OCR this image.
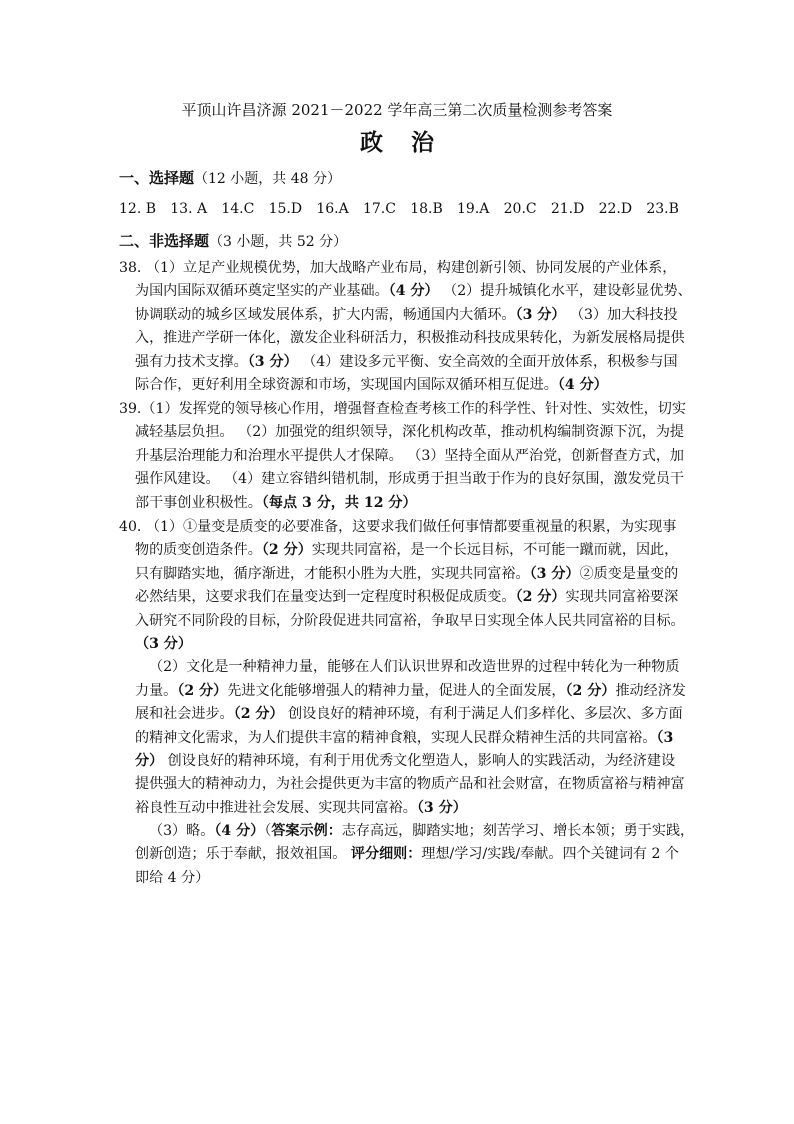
平顶山许昌济源 2021－2022 学年高三第二次质量检测参考答案
政 治
一、选择题（12 小题，共 48 分）
12. B 13. A 14.C 15.D 16.A 17.C 18.B 19.A 20.C 21.D 22.D 23.B
二、非选择题（3 小题，共 52 分）
38. （1）立足产业规模优势，加大战略产业布局，构建创新引领、协同发展的产业体系，
为国内国际双循环奠定坚实的产业基础。（4 分） （2）提升城镇化水平，建设彰显优势、
协调联动的城乡区域发展体系，扩大内需，畅通国内大循环。（3 分） （3）加大科技投
入，推进产学研一体化，激发企业科研活力，积极推动科技成果转化，为新发展格局提供
强有力技术支撑。（3 分） （4）建设多元平衡、安全高效的全面开放体系，积极参与国
际合作，更好利用全球资源和市场，实现国内国际双循环相互促进。（4 分）
39.（1）发挥党的领导核心作用，增强督查检查考核工作的科学性、针对性、实效性，切实
减轻基层负担。 （2）加强党的组织领导，深化机构改革，推动机构编制资源下沉，为提
升基层治理能力和治理水平提供人才保障。 （3）坚持全面从严治党，创新督查方式，加
强作风建设。 （4）建立容错纠错机制，形成勇于担当敢于作为的良好氛围，激发党员干
部干事创业积极性。（每点 3 分，共 12 分）
40. （1）①量变是质变的必要准备，这要求我们做任何事情都要重视量的积累，为实现事
物的质变创造条件。（2 分）实现共同富裕，是一个长远目标，不可能一蹴而就，因此，
只有脚踏实地，循序渐进，才能积小胜为大胜，实现共同富裕。（3 分）②质变是量变的
必然结果，这要求我们在量变达到一定程度时积极促成质变。（2 分）实现共同富裕要深
入研究不同阶段的目标，分阶段促进共同富裕，争取早日实现全体人民共同富裕的目标。
（3 分）
（2）文化是一种精神力量，能够在人们认识世界和改造世界的过程中转化为一种物质
力量。（2 分）先进文化能够增强人的精神力量，促进人的全面发展，（2 分）推动经济发
展和社会进步。（2 分） 创设良好的精神环境，有利于满足人们多样化、多层次、多方面
的精神文化需求，为人们提供丰富的精神食粮，实现人民群众精神生活的共同富裕。（3
分） 创设良好的精神环境，有利于用优秀文化塑造人，影响人的实践活动，为经济建设
提供强大的精神动力，为社会提供更为丰富的物质产品和社会财富，在物质富裕与精神富
裕良性互动中推进社会发展、实现共同富裕。（3 分）
（3）略。（4 分）（答案示例：志存高远，脚踏实地；刻苦学习、增长本领；勇于实践，
创新创造；乐于奉献，报效祖国。 评分细则：理想/学习/实践/奉献。四个关键词有 2 个
即给 4 分）
